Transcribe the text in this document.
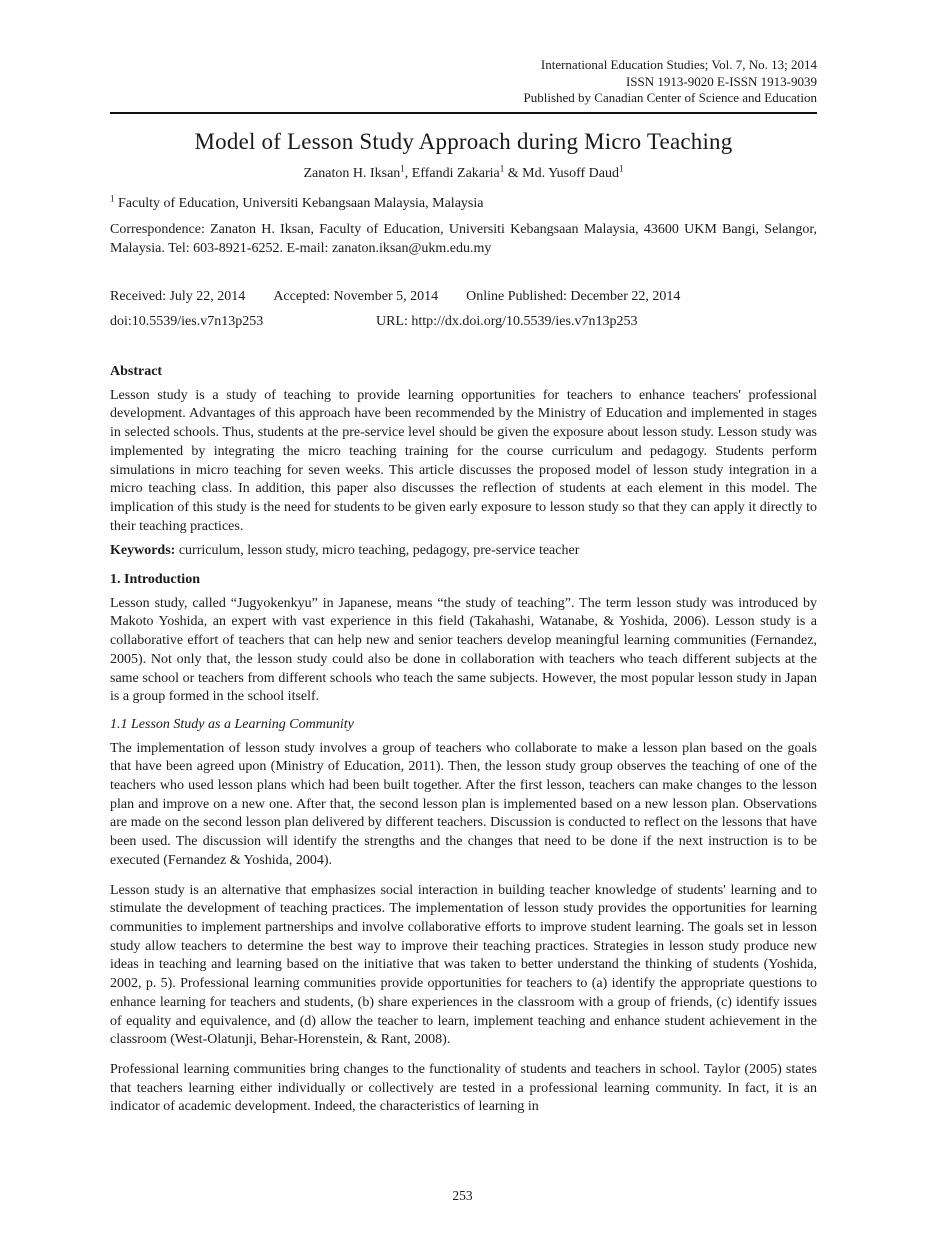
International Education Studies; Vol. 7, No. 13; 2014
ISSN 1913-9020 E-ISSN 1913-9039
Published by Canadian Center of Science and Education
Model of Lesson Study Approach during Micro Teaching
Zanaton H. Iksan$^1$, Effandi Zakaria$^1$ & Md. Yusoff Daud$^1$
$^1$ Faculty of Education, Universiti Kebangsaan Malaysia, Malaysia

Correspondence: Zanaton H. Iksan, Faculty of Education, Universiti Kebangsaan Malaysia, 43600 UKM Bangi, Selangor, Malaysia. Tel: 603-8921-6252. E-mail: zanaton.iksan@ukm.edu.my

Received: July 22, 2014 Accepted: November 5, 2014 Online Published: December 22, 2014
doi:10.5539/ies.v7n13p253	URL: http://dx.doi.org/10.5539/ies.v7n13p253
Abstract

Lesson study is a study of teaching to provide learning opportunities for teachers to enhance teachers' professional development. Advantages of this approach have been recommended by the Ministry of Education and implemented in stages in selected schools. Thus, students at the pre-service level should be given the exposure about lesson study. Lesson study was implemented by integrating the micro teaching training for the course curriculum and pedagogy. Students perform simulations in micro teaching for seven weeks. This article discusses the proposed model of lesson study integration in a micro teaching class. In addition, this paper also discusses the reflection of students at each element in this model. The implication of this study is the need for students to be given early exposure to lesson study so that they can apply it directly to their teaching practices.

Keywords: curriculum, lesson study, micro teaching, pedagogy, pre-service teacher
1. Introduction

Lesson study, called “Jugyokenkyu” in Japanese, means “the study of teaching”. The term lesson study was introduced by Makoto Yoshida, an expert with vast experience in this field (Takahashi, Watanabe, & Yoshida, 2006). Lesson study is a collaborative effort of teachers that can help new and senior teachers develop meaningful learning communities (Fernandez, 2005). Not only that, the lesson study could also be done in collaboration with teachers who teach different subjects at the same school or teachers from different schools who teach the same subjects. However, the most popular lesson study in Japan is a group formed in the school itself.

1.1 Lesson Study as a Learning Community

The implementation of lesson study involves a group of teachers who collaborate to make a lesson plan based on the goals that have been agreed upon (Ministry of Education, 2011). Then, the lesson study group observes the teaching of one of the teachers who used lesson plans which had been built together. After the first lesson, teachers can make changes to the lesson plan and improve on a new one. After that, the second lesson plan is implemented based on a new lesson plan. Observations are made on the second lesson plan delivered by different teachers. Discussion is conducted to reflect on the lessons that have been used. The discussion will identify the strengths and the changes that need to be done if the next instruction is to be executed (Fernandez & Yoshida, 2004).

Lesson study is an alternative that emphasizes social interaction in building teacher knowledge of students' learning and to stimulate the development of teaching practices. The implementation of lesson study provides the opportunities for learning communities to implement partnerships and involve collaborative efforts to improve student learning. The goals set in lesson study allow teachers to determine the best way to improve their teaching practices. Strategies in lesson study produce new ideas in teaching and learning based on the initiative that was taken to better understand the thinking of students (Yoshida, 2002, p. 5). Professional learning communities provide opportunities for teachers to (a) identify the appropriate questions to enhance learning for teachers and students, (b) share experiences in the classroom with a group of friends, (c) identify issues of equality and equivalence, and (d) allow the teacher to learn, implement teaching and enhance student achievement in the classroom (West-Olatunji, Behar-Horenstein, & Rant, 2008).

Professional learning communities bring changes to the functionality of students and teachers in school. Taylor (2005) states that teachers learning either individually or collectively are tested in a professional learning community. In fact, it is an indicator of academic development. Indeed, the characteristics of learning in

253
